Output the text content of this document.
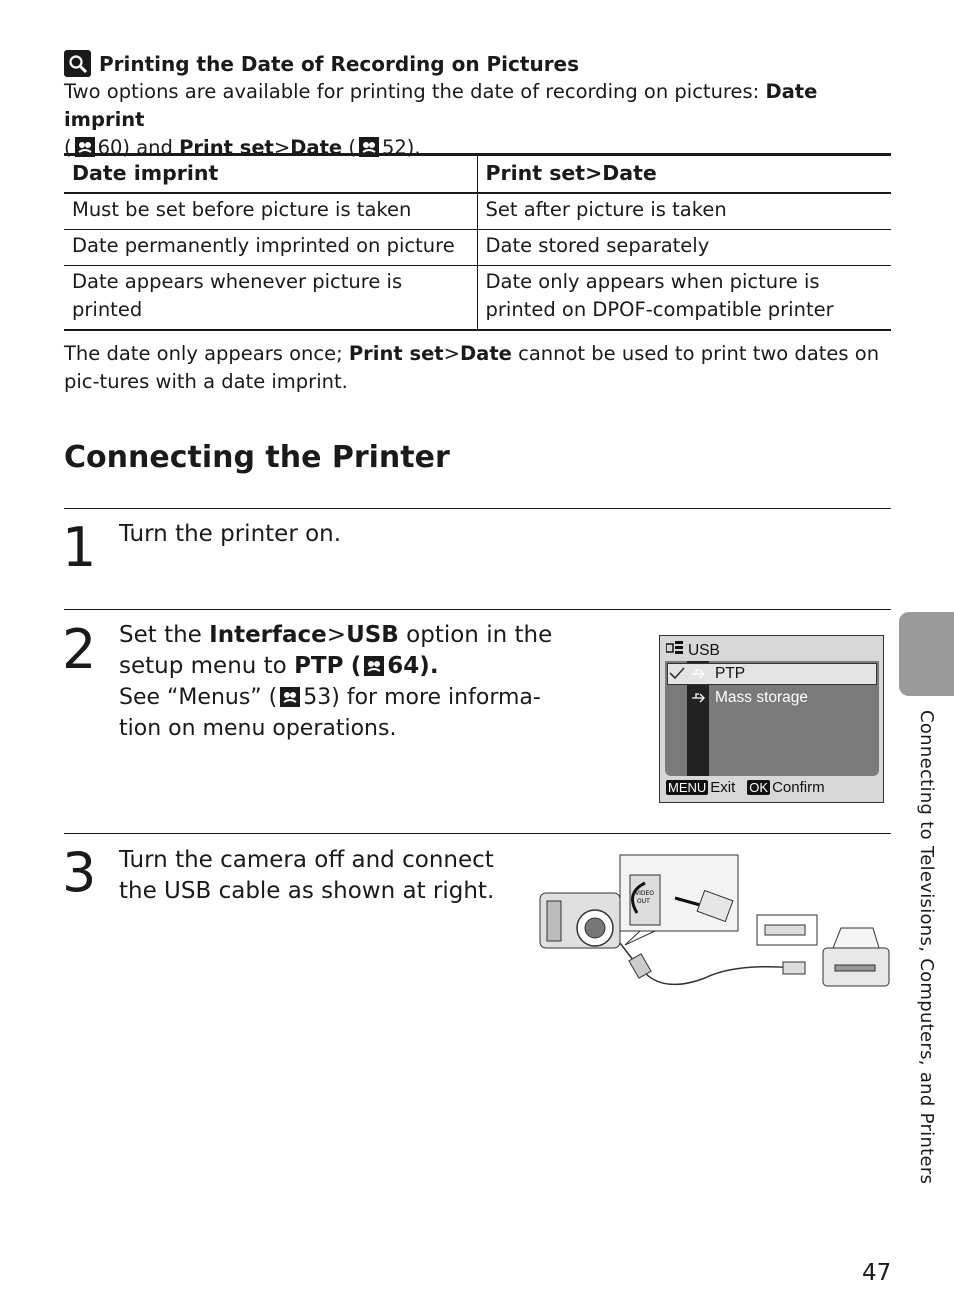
Printing the Date of Recording on Pictures
Two options are available for printing the date of recording on pictures: Date imprint
( 60) and Print set>Date ( 52).
Date imprint	Print set>Date
Must be set before picture is taken	Set after picture is taken
Date permanently imprinted on picture	Date stored separately
Date appears whenever picture is printed	Date only appears when picture is printed on DPOF-compatible printer
The date only appears once; Print set>Date cannot be used to print two dates on pic-tures with a date imprint.
Connecting the Printer
1 Turn the printer on.
2 Set the Interface>USB option in the setup menu to PTP ( 64).
See “Menus” ( 53) for more informa-tion on menu operations.
USB
PTP
Mass storage
MENU Exit OK Confirm
3 Turn the camera off and connect the USB cable as shown at right.	VIDEO
OUT	Connecting to Televisions, Computers, and Printers
47
